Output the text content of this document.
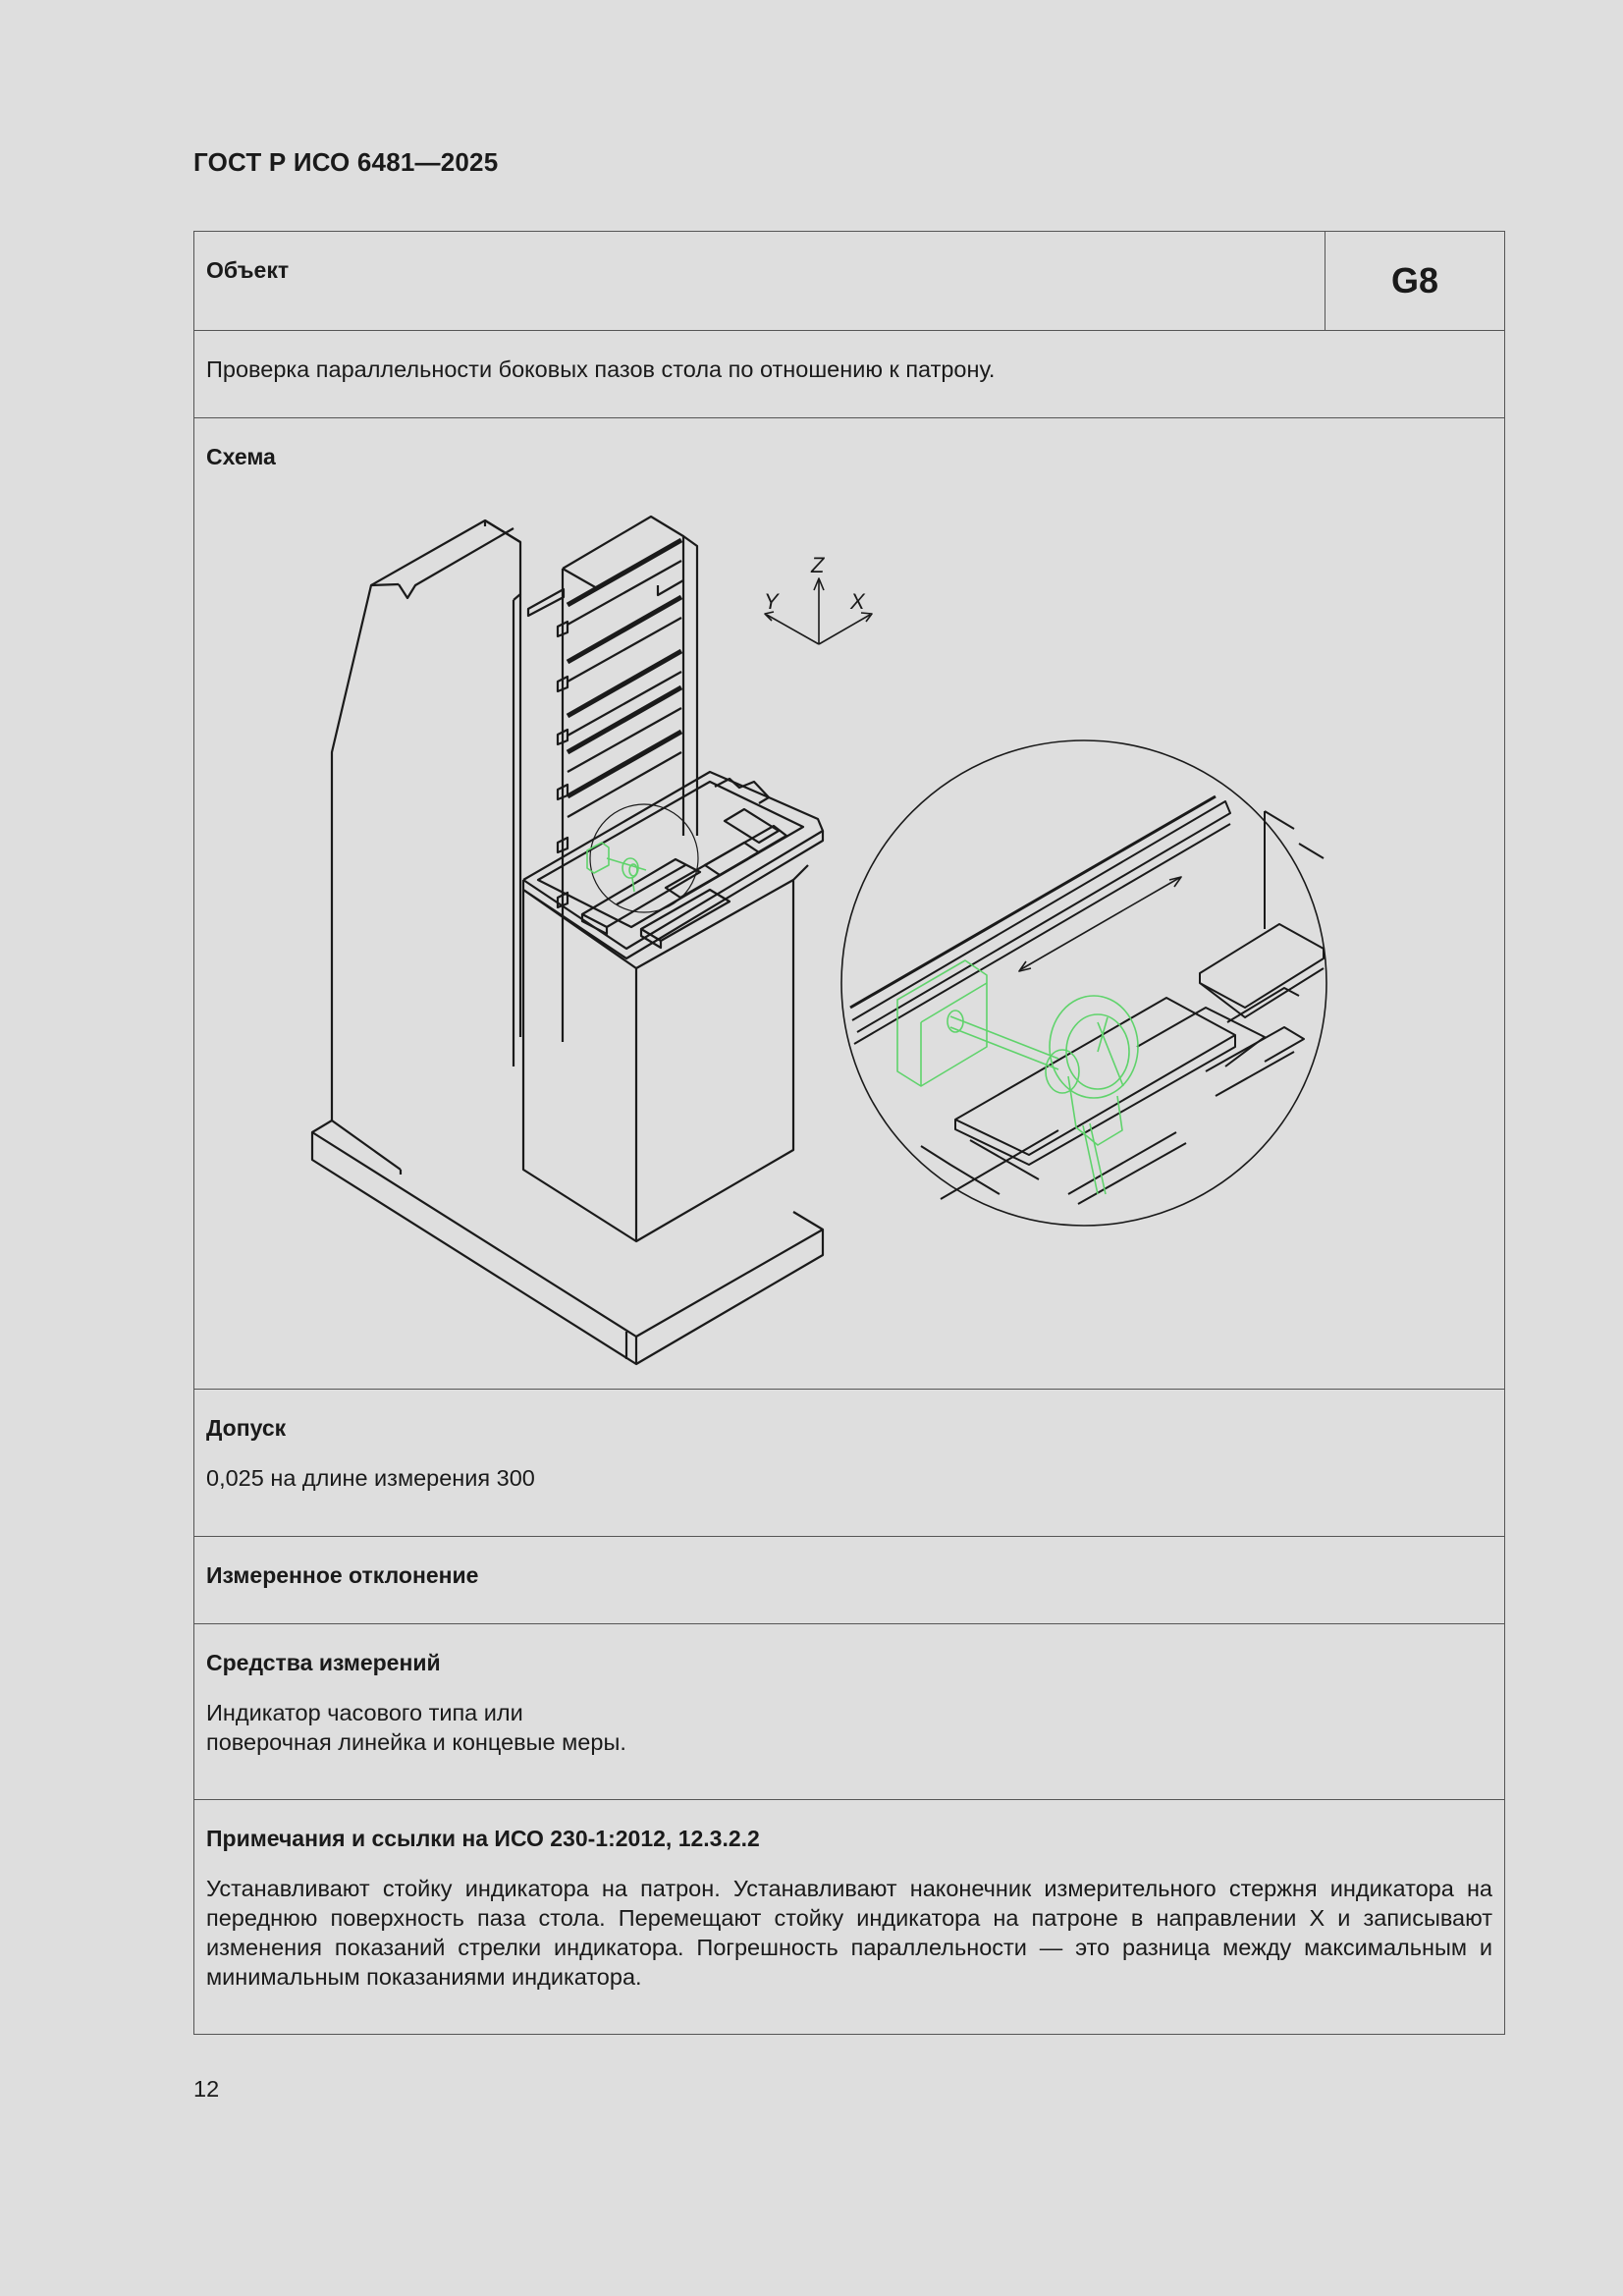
ГОСТ Р ИСО 6481—2025
Объект	G8
Проверка параллельности боковых пазов стола по отношению к патрону.
Схема
Z
Y	X

Допуск

0,025 на длине измерения 300

Измеренное отклонение

Средства измерений

Индикатор часового типа или

поверочная линейка и концевые меры.

Примечания и ссылки на ИСО 230-1:2012, 12.3.2.2

Устанавливают стойку индикатора на патрон. Устанавливают наконечник измерительного стержня индикатора на переднюю поверхность паза стола. Перемещают стойку индикатора на патроне в направлении X и записывают изменения показаний стрелки индикатора. Погрешность параллельности — это разница между максимальным и минимальным показаниями индикатора.

12
